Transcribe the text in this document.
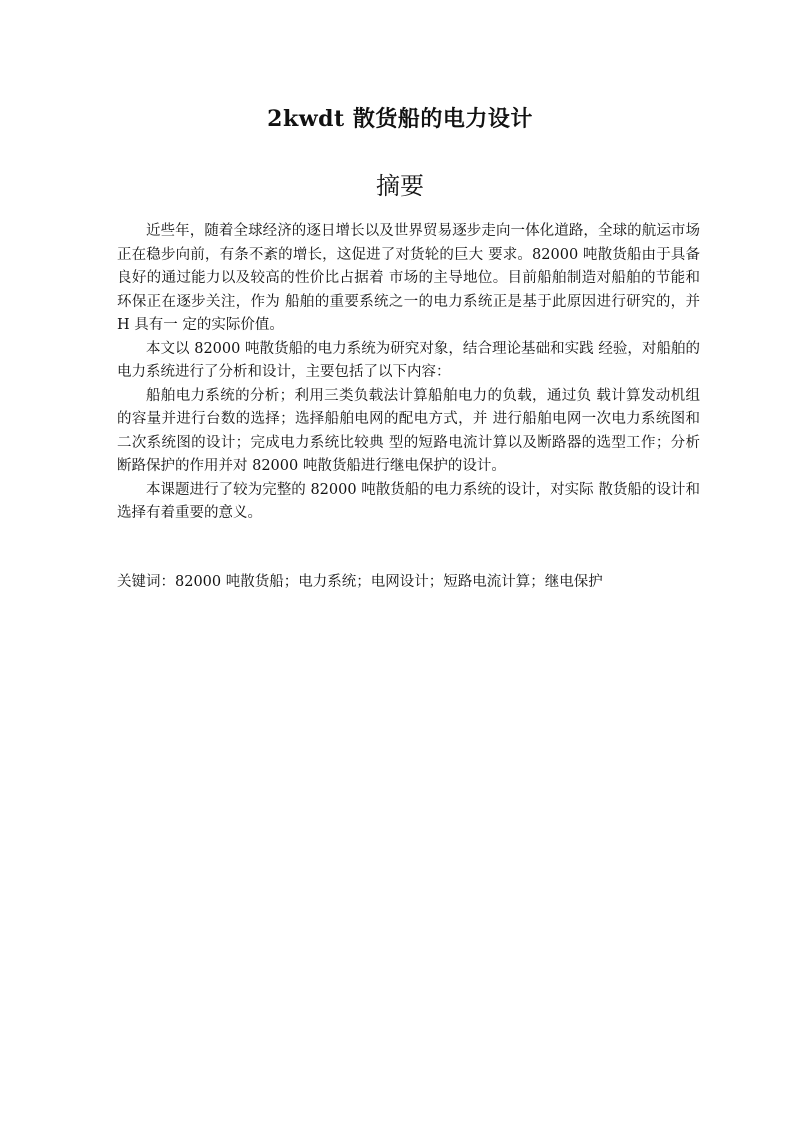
2kwdt 散货船的电力设计
摘要

近些年，随着全球经济的逐日增长以及世界贸易逐步走向一体化道路，全球的航运市场正在稳步向前，有条不紊的增长，这促进了对货轮的巨大 要求。82000 吨散货船由于具备良好的通过能力以及较高的性价比占据着 市场的主导地位。目前船舶制造对船舶的节能和环保正在逐步关注，作为 船舶的重要系统之一的电力系统正是基于此原因进行研究的，并 H 具有一 定的实际价值。

本文以 82000 吨散货船的电力系统为研究对象，结合理论基础和实践 经验，对船舶的电力系统进行了分析和设计，主要包括了以下内容：

船舶电力系统的分析；利用三类负载法计算船舶电力的负载，通过负 载计算发动机组的容量并进行台数的选择；选择船舶电网的配电方式，并 进行船舶电网一次电力系统图和二次系统图的设计；完成电力系统比较典 型的短路电流计算以及断路器的选型工作；分析断路保护的作用并对 82000 吨散货船进行继电保护的设计。

本课题进行了较为完整的 82000 吨散货船的电力系统的设计，对实际 散货船的设计和选择有着重要的意义。

关键词：82000 吨散货船；电力系统；电网设计；短路电流计算；继电保护
